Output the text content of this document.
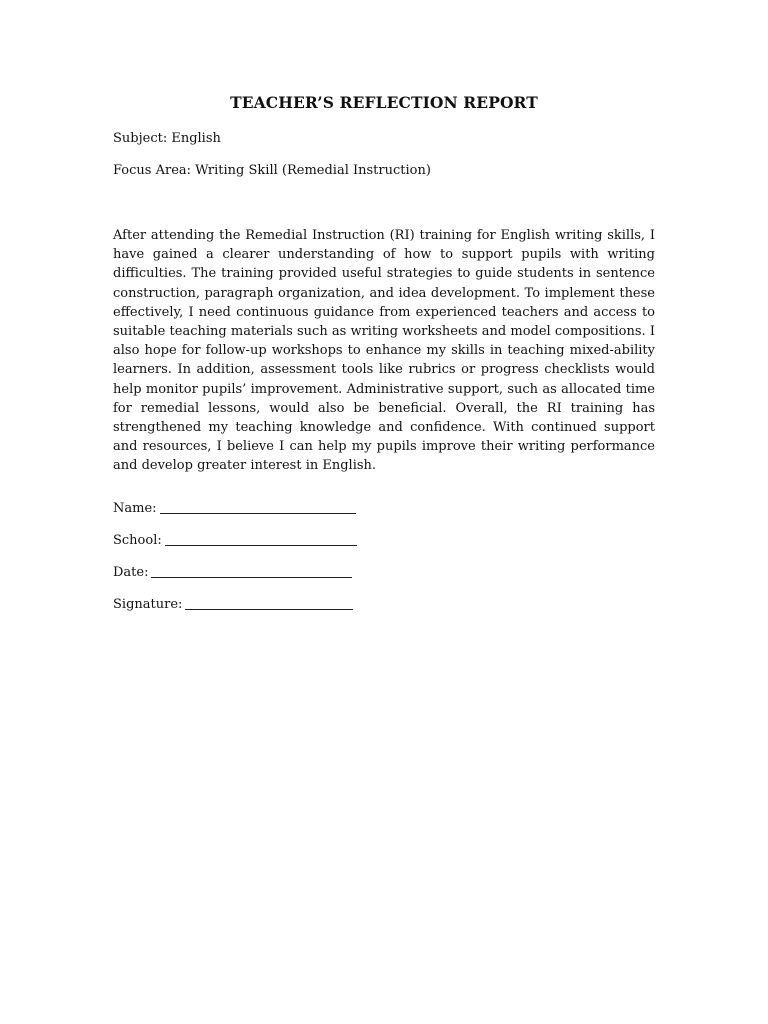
TEACHER’S REFLECTION REPORT
Subject: English
Focus Area: Writing Skill (Remedial Instruction)
After attending the Remedial Instruction (RI) training for English writing skills, I have gained a clearer understanding of how to support pupils with writing difficulties. The training provided useful strategies to guide students in sentence construction, paragraph organization, and idea development. To implement these effectively, I need continuous guidance from experienced teachers and access to suitable teaching materials such as writing worksheets and model compositions. I also hope for follow-up workshops to enhance my skills in teaching mixed-ability learners. In addition, assessment tools like rubrics or progress checklists would help monitor pupils’ improvement. Administrative support, such as allocated time for remedial lessons, would also be beneficial. Overall, the RI training has strengthened my teaching knowledge and confidence. With continued support and resources, I believe I can help my pupils improve their writing performance and develop greater interest in English.
Name:
School:
Date:
Signature:
